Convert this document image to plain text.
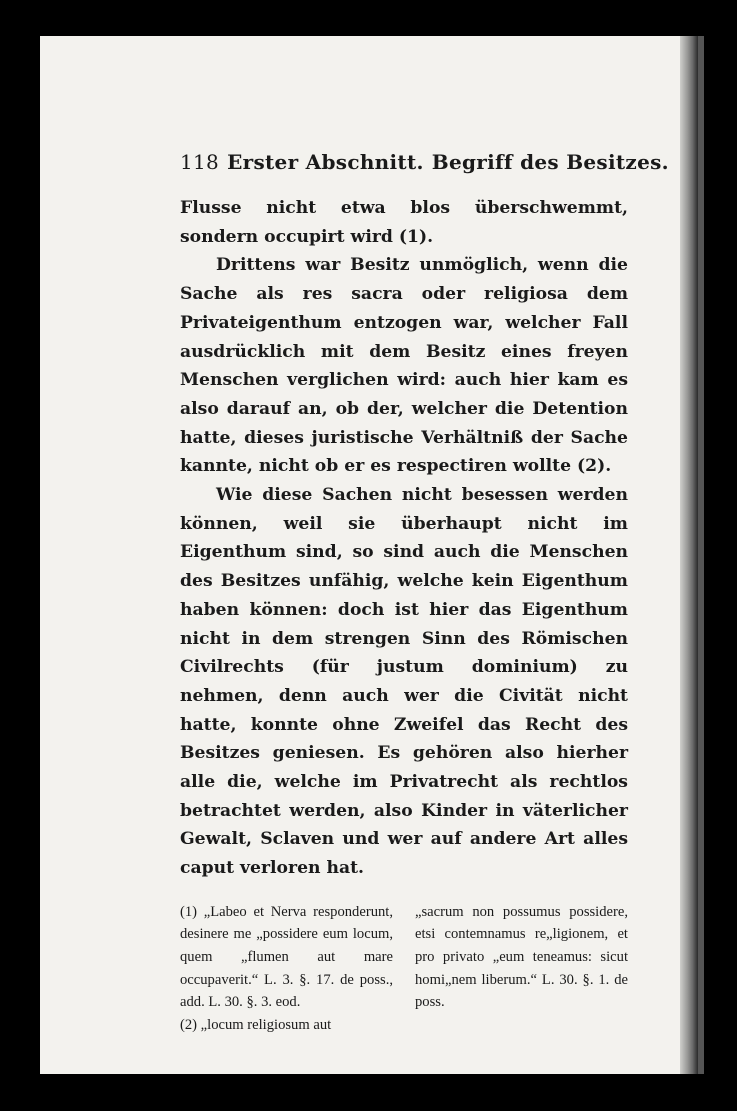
118 Erster Abschnitt. Begriff des Besitzes.

Flusse nicht etwa blos überschwemmt, sondern occupirt wird (1).

Drittens war Besitz unmöglich, wenn die Sache als res sacra oder religiosa dem Privateigenthum entzogen war, welcher Fall ausdrücklich mit dem Besitz eines freyen Menschen verglichen wird: auch hier kam es also darauf an, ob der, welcher die Detention hatte, dieses juristische Verhältniß der Sache kannte, nicht ob er es respectiren wollte (2).

Wie diese Sachen nicht besessen werden können, weil sie überhaupt nicht im Eigenthum sind, so sind auch die Menschen des Besitzes unfähig, welche kein Eigenthum haben können: doch ist hier das Eigenthum nicht in dem strengen Sinn des Römischen Civilrechts (für justum dominium) zu nehmen, denn auch wer die Civität nicht hatte, konnte ohne Zweifel das Recht des Besitzes geniesen. Es gehören also hierher alle die, welche im Privatrecht als rechtlos betrachtet werden, also Kinder in väterlicher Gewalt, Sclaven und wer auf andere Art alles caput verloren hat.

(1) „Labeo et Nerva responderunt, desinere me „possidere eum locum, quem „flumen aut mare occupaverit.“ L. 3. §. 17. de poss., add. L. 30. §. 3. eod.
(2) „locum religiosum aut
„sacrum non possumus possidere, etsi contemnamus re„ligionem, et pro privato „eum teneamus: sicut homi„nem liberum.“ L. 30. §. 1. de poss.
